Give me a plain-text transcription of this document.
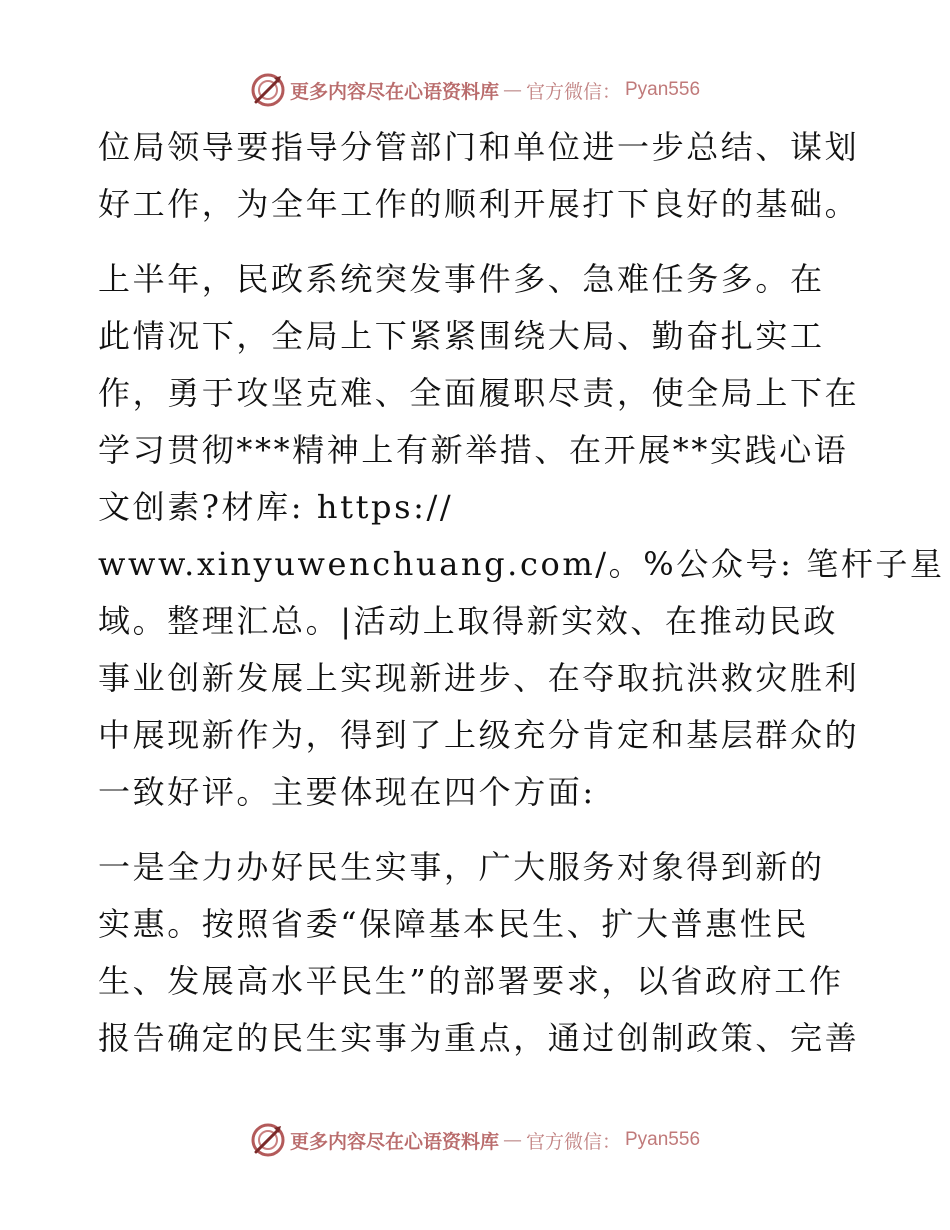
更多内容尽在心语资料库 — 官方微信： Pyan556
位局领导要指导分管部门和单位进一步总结、谋划
好工作，为全年工作的顺利开展打下良好的基础。
上半年，民政系统突发事件多、急难任务多。在
此情况下，全局上下紧紧围绕大局、勤奋扎实工
作，勇于攻坚克难、全面履职尽责，使全局上下在
学习贯彻***精神上有新举措、在开展**实践心语
文创素?材库: https://
www.xinyuwenchuang.com/。%公众号: 笔杆子星
域。整理汇总。|活动上取得新实效、在推动民政
事业创新发展上实现新进步、在夺取抗洪救灾胜利
中展现新作为，得到了上级充分肯定和基层群众的
一致好评。主要体现在四个方面:
一是全力办好民生实事，广大服务对象得到新的
实惠。按照省委“保障基本民生、扩大普惠性民
生、发展高水平民生”的部署要求，以省政府工作
报告确定的民生实事为重点，通过创制政策、完善
更多内容尽在心语资料库 — 官方微信： Pyan556
